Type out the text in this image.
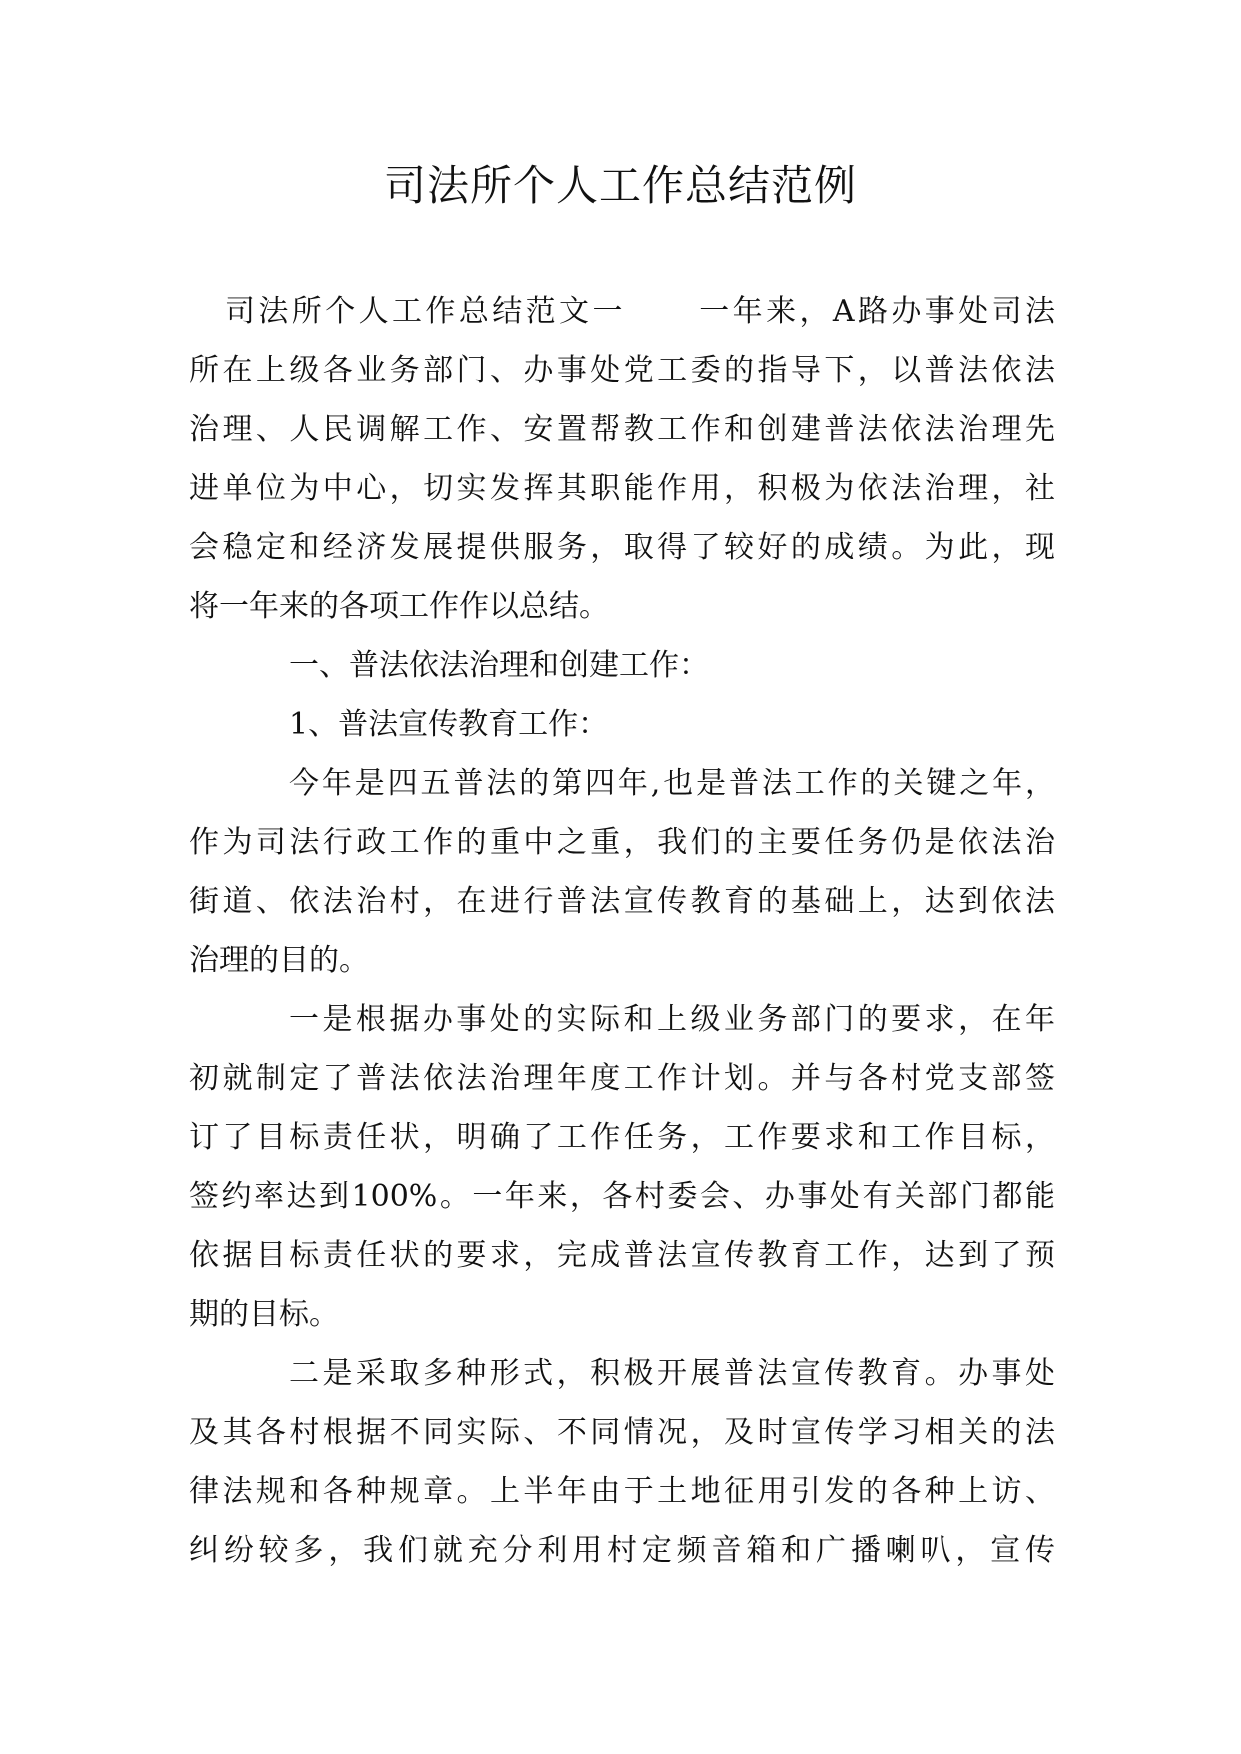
司法所个人工作总结范例
司法所个人工作总结范文一 一年来，A路办事处司法
所在上级各业务部门、办事处党工委的指导下，以普法依法
治理、人民调解工作、安置帮教工作和创建普法依法治理先
进单位为中心，切实发挥其职能作用，积极为依法治理，社
会稳定和经济发展提供服务，取得了较好的成绩。为此，现
将一年来的各项工作作以总结。
一、普法依法治理和创建工作：
1、普法宣传教育工作：
今年是四五普法的第四年,也是普法工作的关键之年，
作为司法行政工作的重中之重，我们的主要任务仍是依法治
街道、依法治村，在进行普法宣传教育的基础上，达到依法
治理的目的。
一是根据办事处的实际和上级业务部门的要求，在年
初就制定了普法依法治理年度工作计划。并与各村党支部签
订了目标责任状，明确了工作任务，工作要求和工作目标，
签约率达到100%。一年来，各村委会、办事处有关部门都能
依据目标责任状的要求，完成普法宣传教育工作，达到了预
期的目标。
二是采取多种形式，积极开展普法宣传教育。办事处
及其各村根据不同实际、不同情况，及时宣传学习相关的法
律法规和各种规章。上半年由于土地征用引发的各种上访、
纠纷较多，我们就充分利用村定频音箱和广播喇叭，宣传
